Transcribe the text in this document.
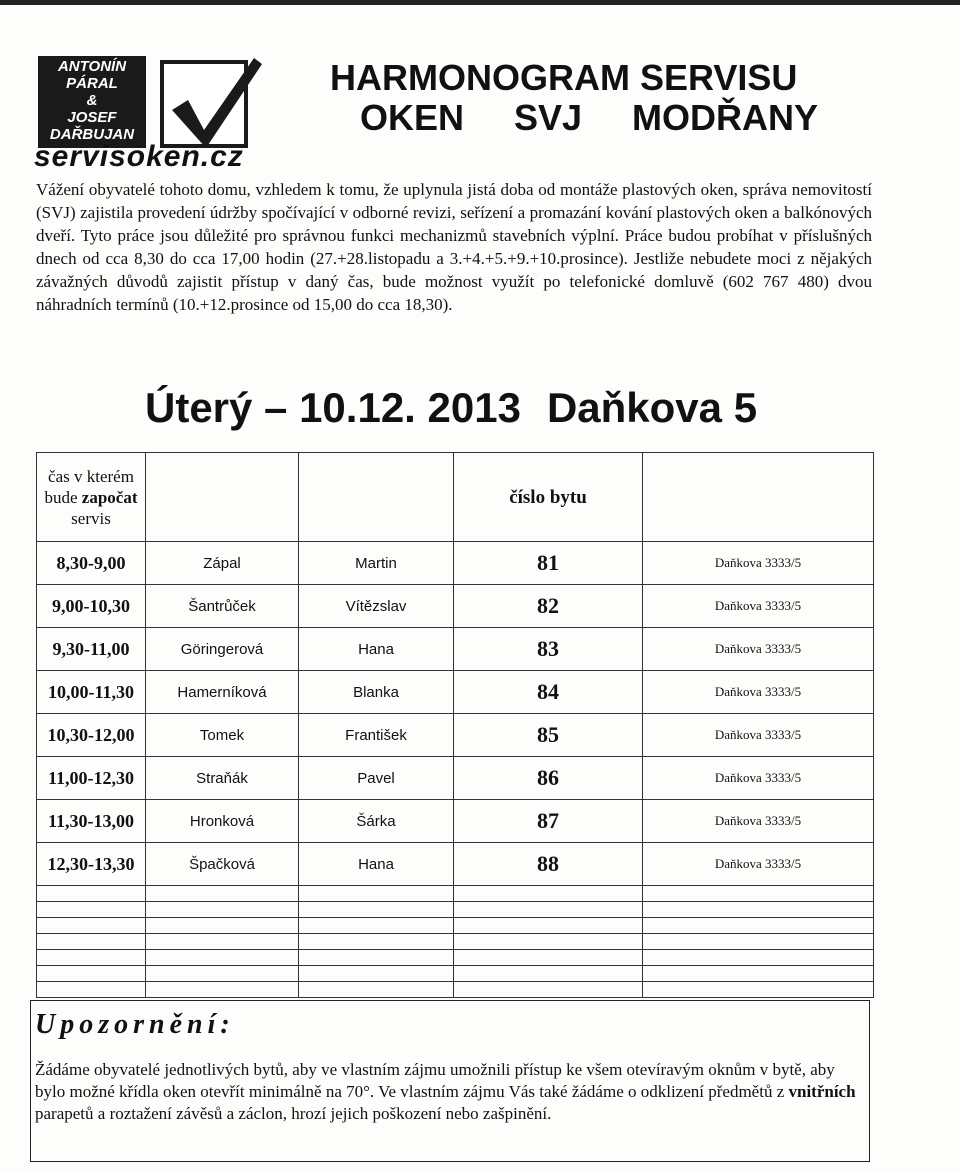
ANTONÍN
PÁRAL
&
JOSEF
DAŘBUJAN
servisoken.cz
HARMONOGRAM SERVISU
OKEN SVJ MODŘANY
Vážení obyvatelé tohoto domu, vzhledem k tomu, že uplynula jistá doba od montáže plastových oken, správa nemovitostí (SVJ) zajistila provedení údržby spočívající v odborné revizi, seřízení a promazání kování plastových oken a balkónových dveří. Tyto práce jsou důležité pro správnou funkci mechanizmů stavebních výplní. Práce budou probíhat v příslušných dnech od cca 8,30 do cca 17,00 hodin (27.+28.listopadu a 3.+4.+5.+9.+10.prosince). Jestliže nebudete moci z nějakých závažných důvodů zajistit přístup v daný čas, bude možnost využít po telefonické domluvě (602 767 480) dvou náhradních termínů (10.+12.prosince od 15,00 do cca 18,30).
Úterý – 10.12. 2013 Daňkova 5
čas v kterém bude započat servis			číslo bytu	
8,30-9,00	Zápal	Martin	81	Daňkova 3333/5
9,00-10,30	Šantrůček	Vítězslav	82	Daňkova 3333/5
9,30-11,00	Göringerová	Hana	83	Daňkova 3333/5
10,00-11,30	Hamerníková	Blanka	84	Daňkova 3333/5
10,30-12,00	Tomek	František	85	Daňkova 3333/5
11,00-12,30	Straňák	Pavel	86	Daňkova 3333/5
11,30-13,00	Hronková	Šárka	87	Daňkova 3333/5
12,30-13,30	Špačková	Hana	88	Daňkova 3333/5

Upozornění:
Žádáme obyvatelé jednotlivých bytů, aby ve vlastním zájmu umožnili přístup ke všem otevíravým oknům v bytě, aby bylo možné křídla oken otevřít minimálně na 70°. Ve vlastním zájmu Vás také žádáme o odklizení předmětů z vnitřních parapetů a roztažení závěsů a záclon, hrozí jejich poškození nebo zašpinění.
